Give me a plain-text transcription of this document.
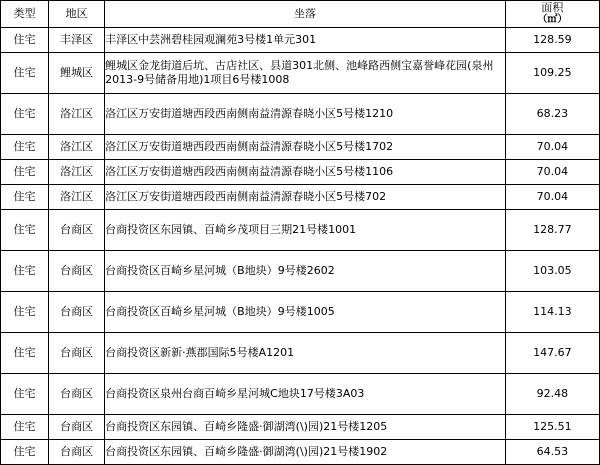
类型	地区	坐落	面积
（㎡）

住宅	丰泽区	丰泽区中芸洲碧桂园观澜苑3号楼1单元301	128.59
住宅	鲤城区	鲤城区金龙街道后坑、古店社区、县道301北侧、池峰路西侧宝嘉誉峰花园(泉州2013-9号储备用地)1项目6号楼1008	109.25
住宅	洛江区	洛江区万安街道塘西段西南侧南益清源春晓小区5号楼1210	68.23
住宅	洛江区	洛江区万安街道塘西段西南侧南益清源春晓小区5号楼1702	70.04
住宅	洛江区	洛江区万安街道塘西段西南侧南益清源春晓小区5号楼1106	70.04
住宅	洛江区	洛江区万安街道塘西段西南侧南益清源春晓小区5号楼702	70.04
住宅	台商区	台商投资区东园镇、百崎乡茂项目三期21号楼1001	128.77
住宅	台商区	台商投资区百崎乡星河城（B地块）9号楼2602	103.05
住宅	台商区	台商投资区百崎乡星河城（B地块）9号楼1005	114.13
住宅	台商区	台商投资区新新·燕郡国际5号楼A1201	147.67
住宅	台商区	台商投资区泉州台商百崎乡星河城C地块17号楼3A03	92.48
住宅	台商区	台商投资区东园镇、百崎乡隆盛·御湖湾(\)园)21号楼1205	125.51
住宅	台商区	台商投资区东园镇、百崎乡隆盛·御湖湾(\)园)21号楼1902	64.53
